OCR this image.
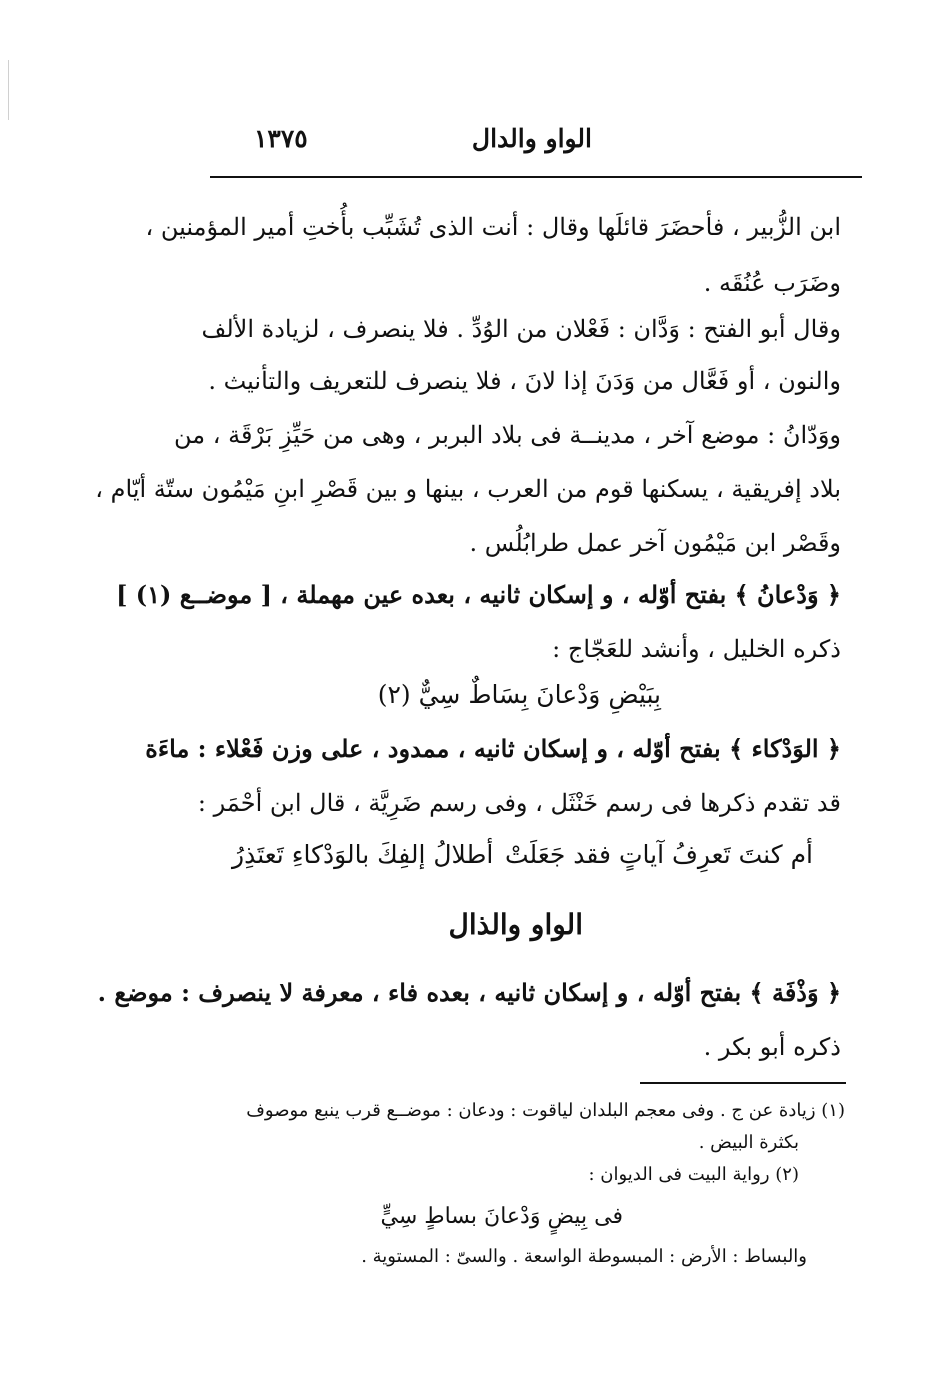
الواو والدال
١٣٧٥
ابن الزُّبير ، فأحضَرَ قائلَها وقال : أنت الذى تُشَبِّب بأُختِ أمير المؤمنين ،
وضَرَب عُنُقَه .
وقال أبو الفتح : وَدَّان : فَعْلان من الوُدِّ . فلا ينصرف ، لزيادة الألف
والنون ، أو فَعَّال من وَدَنَ إذا لانَ ، فلا ينصرف للتعريف والتأنيث .
ووَدّانُ : موضع آخر ، مدينــة فى بلاد البربر ، وهى من حَيِّزِ بَرْقَة ، من
بلاد إفريقية ، يسكنها قوم من العرب ، بينها و بين قَصْرِ ابنِ مَيْمُون ستّة أيّام ،
وقَصْر ابن مَيْمُون آخر عمل طرابُلُس .
﴿ وَدْعانُ ﴾ بفتح أوّله ، و إسكان ثانيه ، بعده عين مهملة ، [ موضــع (١) ]
ذكره الخليل ، وأنشد للعَجّاج :
بِبَيْضِ وَدْعانَ بِسَاطٌ سِيٌّ (٢)
﴿ الوَدْكاء ﴾ بفتح أوّله ، و إسكان ثانيه ، ممدود ، على وزن فَعْلاء : ماءَة
قد تقدم ذكرها فى رسم خَنْثَل ، وفى رسم ضَرِيَّة ، قال ابن أحْمَر :
أم كنتَ تَعرِفُ آياتٍ فقد جَعَلَتْ
أطلالُ إلفِكَ بالوَدْكاءِ تَعتَذِرُ
الواو والذال
﴿ وَذْفَة ﴾ بفتح أوّله ، و إسكان ثانيه ، بعده فاء ، معرفة لا ينصرف : موضع .
ذكره أبو بكر .
(١) زيادة عن ج . وفى معجم البلدان لياقوت : ودعان : موضــع قرب ينبع موصوف
بكثرة البيض .
(٢) رواية البيت فى الديوان :
فى بِيضٍ وَدْعانَ بساطٍ سِيٍّ
والبساط : الأرض : المبسوطة الواسعة . والسىّ : المستوية .
